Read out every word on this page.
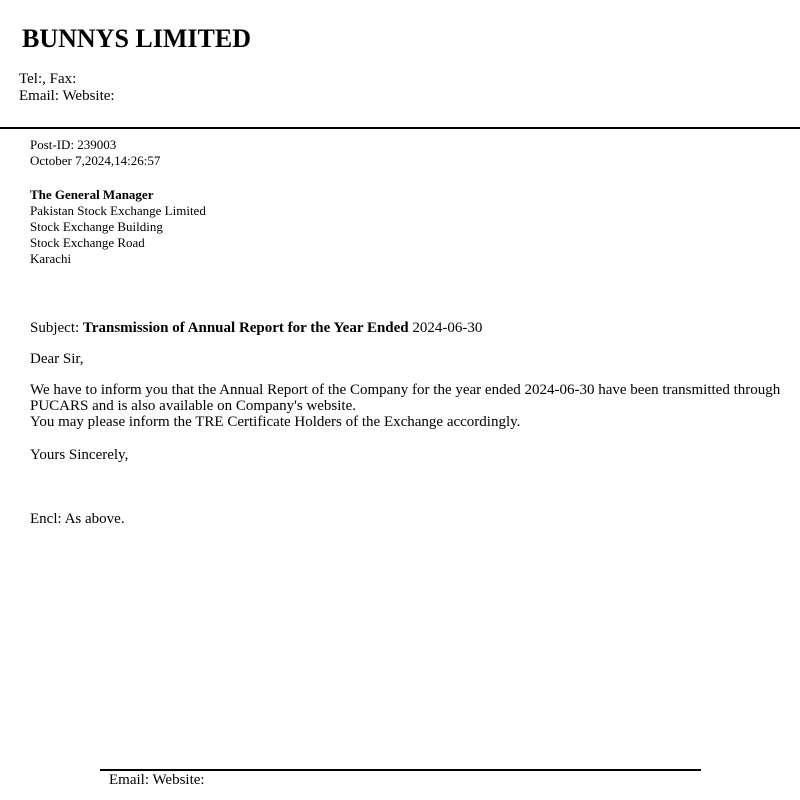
BUNNYS LIMITED
Tel:, Fax:
Email: Website:
Post-ID: 239003
October 7,2024,14:26:57
The General Manager
Pakistan Stock Exchange Limited
Stock Exchange Building
Stock Exchange Road
Karachi
Subject: Transmission of Annual Report for the Year Ended 2024-06-30
Dear Sir,

We have to inform you that the Annual Report of the Company for the year ended 2024-06-30 have been transmitted through PUCARS and is also available on Company's website.

You may please inform the TRE Certificate Holders of the Exchange accordingly.

Yours Sincerely,
Encl: As above.
Email: Website:
